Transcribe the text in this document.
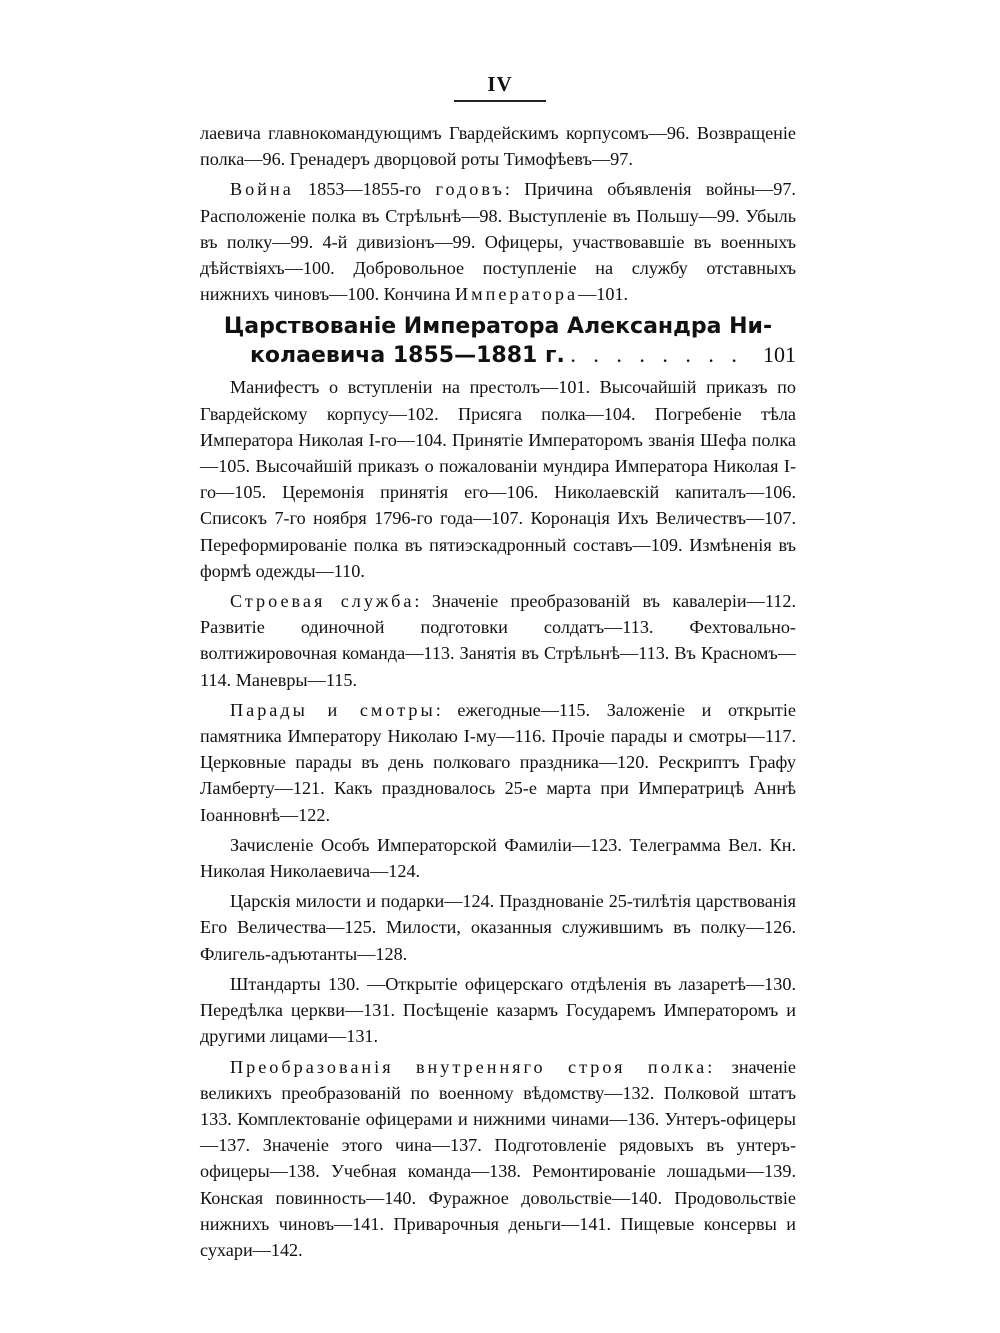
IV

лаевича главнокомандующимъ Гвардейскимъ корпусомъ—96. Возвращеніе полка—96. Гренадеръ дворцовой роты Тимофѣевъ—97.

Война 1853—1855-го годовъ: Причина объявленія войны—97. Расположеніе полка въ Стрѣльнѣ—98. Выступленіе въ Польшу—99. Убыль въ полку—99. 4-й дивизіонъ—99. Офицеры, участвовавшіе въ военныхъ дѣйствіяхъ—100. Добровольное поступленіе на службу отставныхъ нижнихъ чиновъ—100. Кончина Императора—101.

Царствованіе Императора Александра Ни-

колаевича 1855—1881 г. . . . . . . . . 101

Манифестъ о вступленіи на престолъ—101. Высочайшій приказъ по Гвардейскому корпусу—102. Присяга полка—104. Погребеніе тѣла Императора Николая I-го—104. Принятіе Императоромъ званія Шефа полка—105. Высочайшій приказъ о пожалованіи мундира Императора Николая I-го—105. Церемонія принятія его—106. Николаевскій капиталъ—106. Списокъ 7-го ноября 1796-го года—107. Коронація Ихъ Величествъ—107. Переформированіе полка въ пятиэскадронный составъ—109. Измѣненія въ формѣ одежды—110.

Строевая служба: Значеніе преобразованій въ кавалеріи—112. Развитіе одиночной подготовки солдатъ—113. Фехтовально-волтижировочная команда—113. Занятія въ Стрѣльнѣ—113. Въ Красномъ—114. Маневры—115.

Парады и смотры: ежегодные—115. Заложеніе и открытіе памятника Императору Николаю I-му—116. Прочіе парады и смотры—117. Церковные парады въ день полковаго праздника—120. Рескриптъ Графу Ламберту—121. Какъ праздновалось 25-е марта при Императрицѣ Аннѣ Іоанновнѣ—122.

Зачисленіе Особъ Императорской Фамиліи—123. Телеграмма Вел. Кн. Николая Николаевича—124.

Царскія милости и подарки—124. Празднованіе 25-тилѣтія царствованія Его Величества—125. Милости, оказанныя служившимъ въ полку—126. Флигель-адъютанты—128.

Штандарты 130. —Открытіе офицерскаго отдѣленія въ лазаретѣ—130. Передѣлка церкви—131. Посѣщеніе казармъ Государемъ Императоромъ и другими лицами—131.

Преобразованія внутренняго строя полка: значеніе великихъ преобразованій по военному вѣдомству—132. Полковой штатъ 133. Комплектованіе офицерами и нижними чинами—136. Унтеръ-офицеры—137. Значеніе этого чина—137. Подготовленіе рядовыхъ въ унтеръ-офицеры—138. Учебная команда—138. Ремонтированіе лошадьми—139. Конская повинность—140. Фуражное довольствіе—140. Продовольствіе нижнихъ чиновъ—141. Приварочныя деньги—141. Пищевые консервы и сухари—142.
